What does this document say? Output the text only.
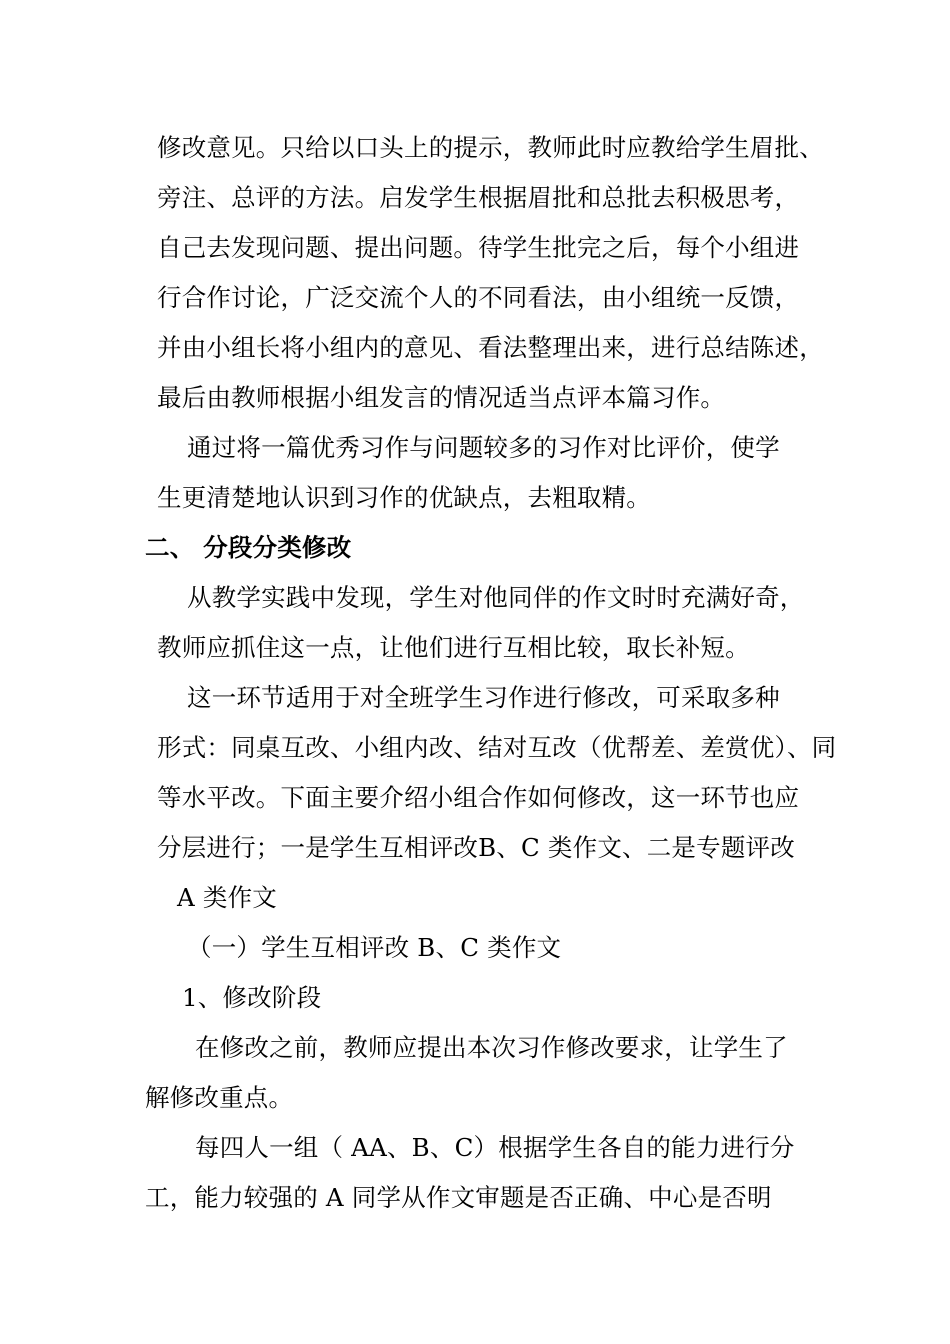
修改意见。只给以口头上的提示，教师此时应教给学生眉批、
旁注、总评的方法。启发学生根据眉批和总批去积极思考，
自己去发现问题、提出问题。待学生批完之后，每个小组进
行合作讨论，广泛交流个人的不同看法，由小组统一反馈，
并由小组长将小组内的意见、看法整理出来，进行总结陈述，
最后由教师根据小组发言的情况适当点评本篇习作。
通过将一篇优秀习作与问题较多的习作对比评价，使学
生更清楚地认识到习作的优缺点，去粗取精。
二、 分段分类修改
从教学实践中发现，学生对他同伴的作文时时充满好奇，
教师应抓住这一点，让他们进行互相比较，取长补短。
这一环节适用于对全班学生习作进行修改，可采取多种
形式：同桌互改、小组内改、结对互改（优帮差、差赏优）、同
等水平改。下面主要介绍小组合作如何修改，这一环节也应
分层进行；一是学生互相评改B、C 类作文、二是专题评改
A 类作文
（一）学生互相评改 B、C 类作文
1、修改阶段
在修改之前，教师应提出本次习作修改要求，让学生了
解修改重点。
每四人一组（ AA、B、C）根据学生各自的能力进行分
工，能力较强的 A 同学从作文审题是否正确、中心是否明
